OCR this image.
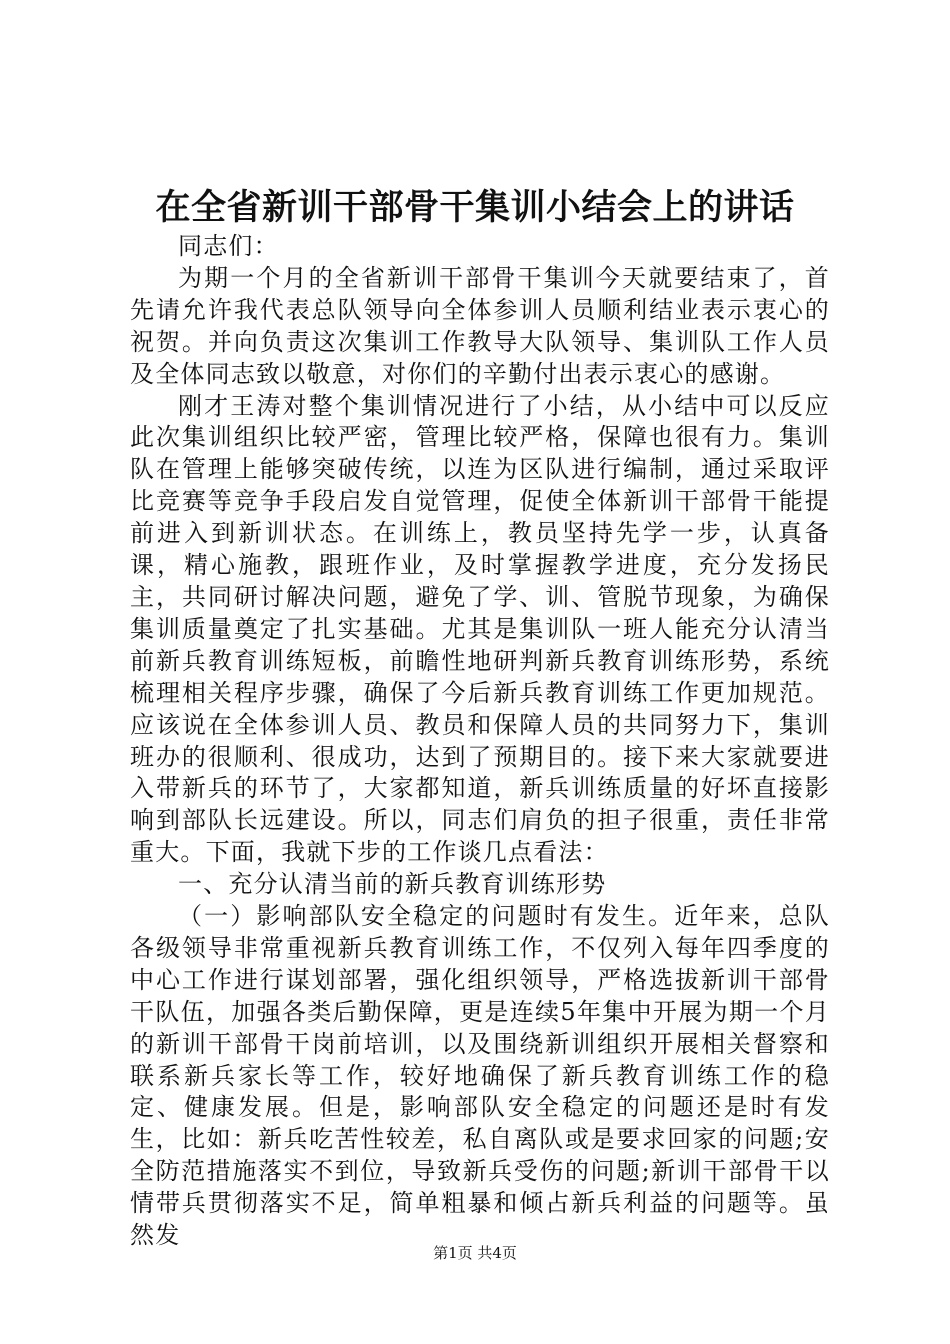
在全省新训干部骨干集训小结会上的讲话

同志们：

为期一个月的全省新训干部骨干集训今天就要结束了，首先请允许我代表总队领导向全体参训人员顺利结业表示衷心的祝贺。并向负责这次集训工作教导大队领导、集训队工作人员及全体同志致以敬意，对你们的辛勤付出表示衷心的感谢。

刚才王涛对整个集训情况进行了小结，从小结中可以反应此次集训组织比较严密，管理比较严格，保障也很有力。集训队在管理上能够突破传统，以连为区队进行编制，通过采取评比竞赛等竞争手段启发自觉管理，促使全体新训干部骨干能提前进入到新训状态。在训练上，教员坚持先学一步，认真备课，精心施教，跟班作业，及时掌握教学进度，充分发扬民主，共同研讨解决问题，避免了学、训、管脱节现象，为确保集训质量奠定了扎实基础。尤其是集训队一班人能充分认清当前新兵教育训练短板，前瞻性地研判新兵教育训练形势，系统梳理相关程序步骤，确保了今后新兵教育训练工作更加规范。应该说在全体参训人员、教员和保障人员的共同努力下，集训班办的很顺利、很成功，达到了预期目的。接下来大家就要进入带新兵的环节了，大家都知道，新兵训练质量的好坏直接影响到部队长远建设。所以，同志们肩负的担子很重，责任非常重大。下面，我就下步的工作谈几点看法：

一、充分认清当前的新兵教育训练形势

（一）影响部队安全稳定的问题时有发生。近年来，总队各级领导非常重视新兵教育训练工作，不仅列入每年四季度的中心工作进行谋划部署，强化组织领导，严格选拔新训干部骨干队伍，加强各类后勤保障，更是连续5年集中开展为期一个月的新训干部骨干岗前培训，以及围绕新训组织开展相关督察和联系新兵家长等工作，较好地确保了新兵教育训练工作的稳定、健康发展。但是，影响部队安全稳定的问题还是时有发生，比如：新兵吃苦性较差，私自离队或是要求回家的问题;安全防范措施落实不到位，导致新兵受伤的问题;新训干部骨干以情带兵贯彻落实不足，简单粗暴和倾占新兵利益的问题等。虽然发

第1页 共4页
